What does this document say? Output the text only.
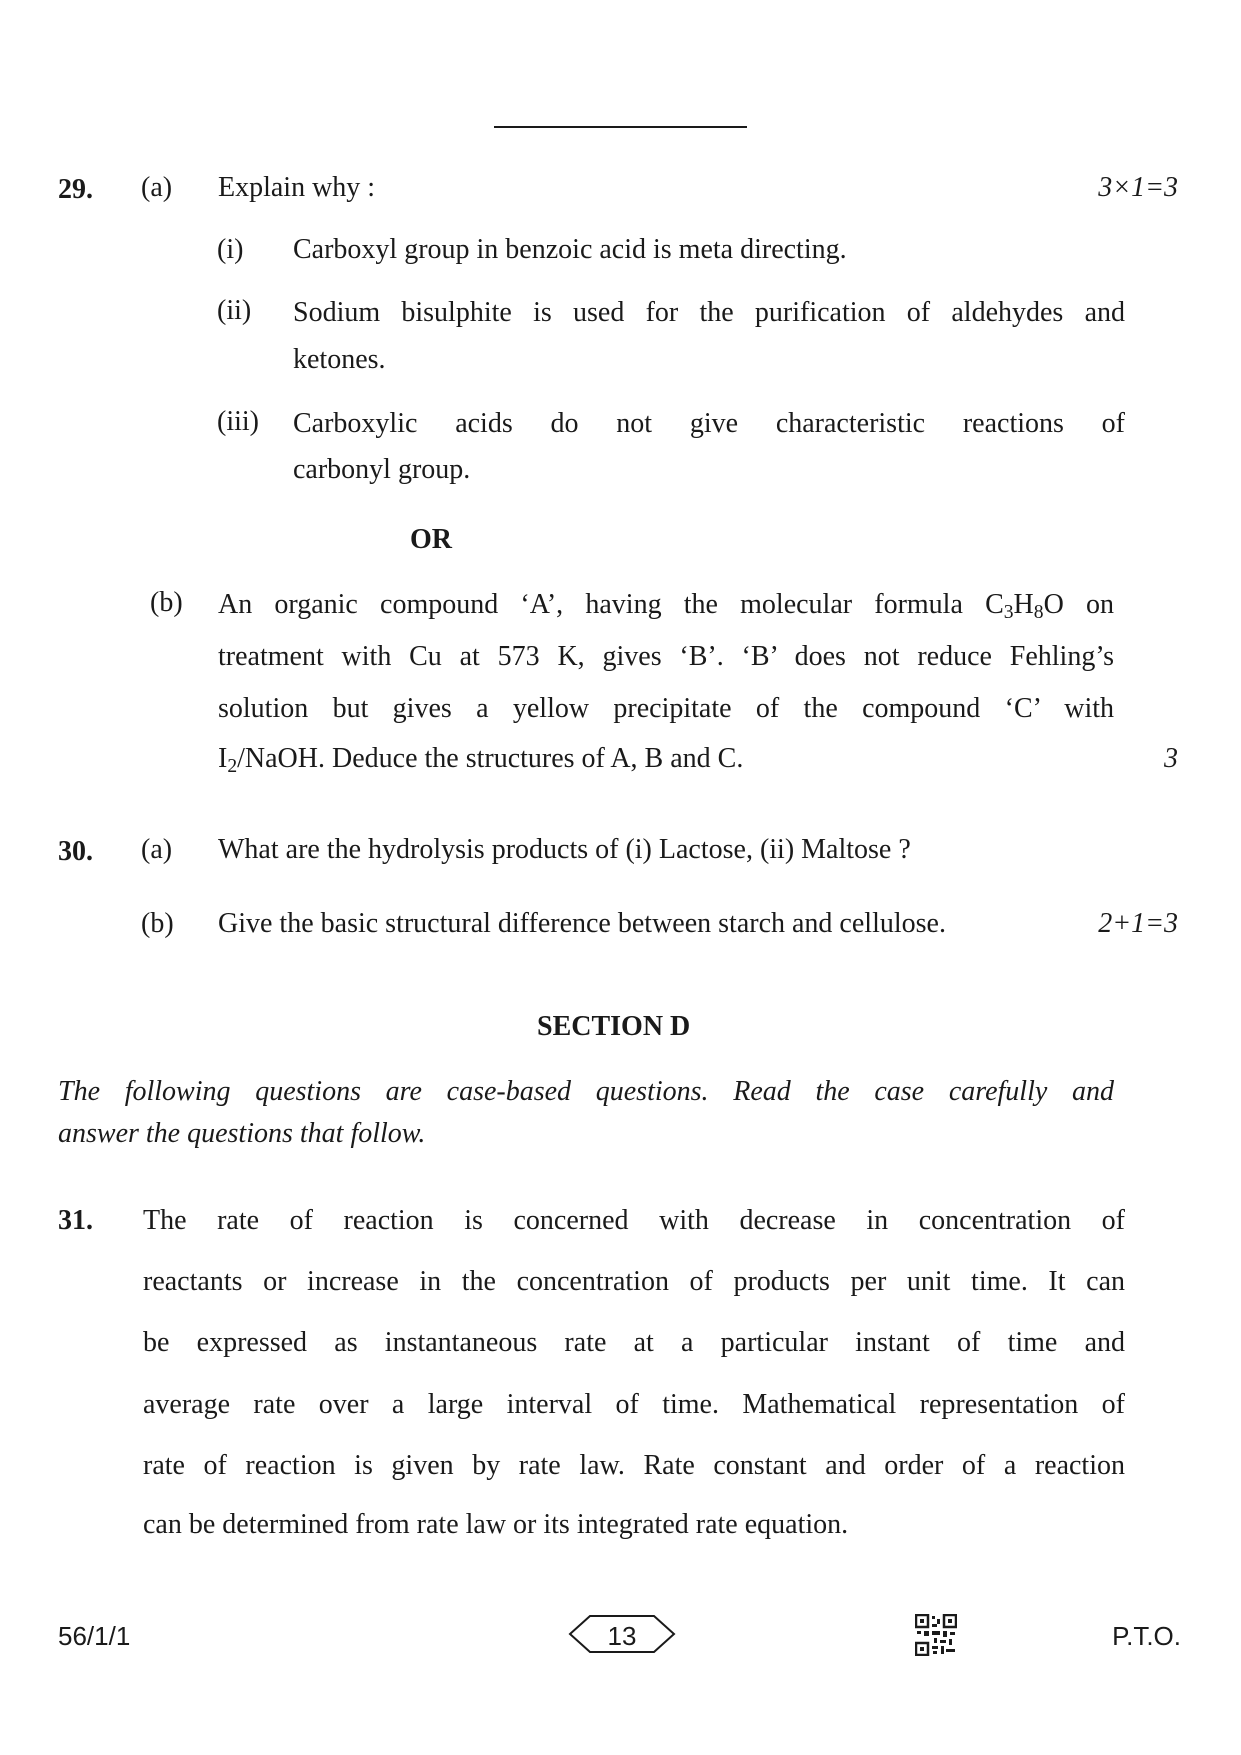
29. (a) Explain why :	3×1=3
(i) Carboxyl group in benzoic acid is meta directing.
(ii) Sodium bisulphite is used for the purification of aldehydes and
ketones.
(iii) Carboxylic acids do not give characteristic reactions of
carbonyl group.
OR
(b) An organic compound ‘A’, having the molecular formula $C_3H_8O$ on
treatment with Cu at 573 K, gives ‘B’. ‘B’ does not reduce Fehling’s
solution but gives a yellow precipitate of the compound ‘C’ with
$I_2$/NaOH. Deduce the structures of A, B and C.	3
30. (a) What are the hydrolysis products of (i) Lactose, (ii) Maltose ?
(b) Give the basic structural difference between starch and cellulose.	2+1=3
SECTION D
The following questions are case-based questions. Read the case carefully and
answer the questions that follow.
31. The rate of reaction is concerned with decrease in concentration of
reactants or increase in the concentration of products per unit time. It can
be expressed as instantaneous rate at a particular instant of time and
average rate over a large interval of time. Mathematical representation of
rate of reaction is given by rate law. Rate constant and order of a reaction
can be determined from rate law or its integrated rate equation.
56/1/1	13	P.T.O.
